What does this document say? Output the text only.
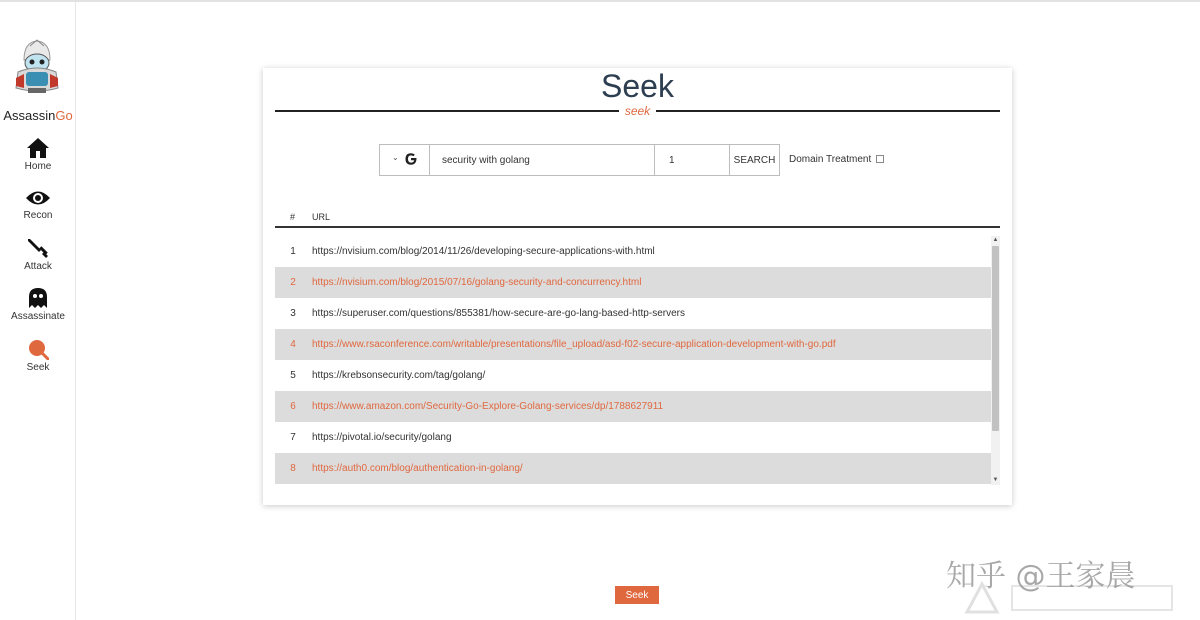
AssassinGo
Home
Recon
Attack
Assassinate
Seek
Seek
seek
⌄
security with golang
1	SEARCH	Domain Treatment
# URL
1	https://nvisium.com/blog/2014/11/26/developing-secure-applications-with.html
2	https://nvisium.com/blog/2015/07/16/golang-security-and-concurrency.html
3	https://superuser.com/questions/855381/how-secure-are-go-lang-based-http-servers
4	https://www.rsaconference.com/writable/presentations/file_upload/asd-f02-secure-application-development-with-go.pdf
5	https://krebsonsecurity.com/tag/golang/
6	https://www.amazon.com/Security-Go-Explore-Golang-services/dp/1788627911
7	https://pivotal.io/security/golang
8	https://auth0.com/blog/authentication-in-golang/
▲
▼
Seek
知乎 @王家晨
